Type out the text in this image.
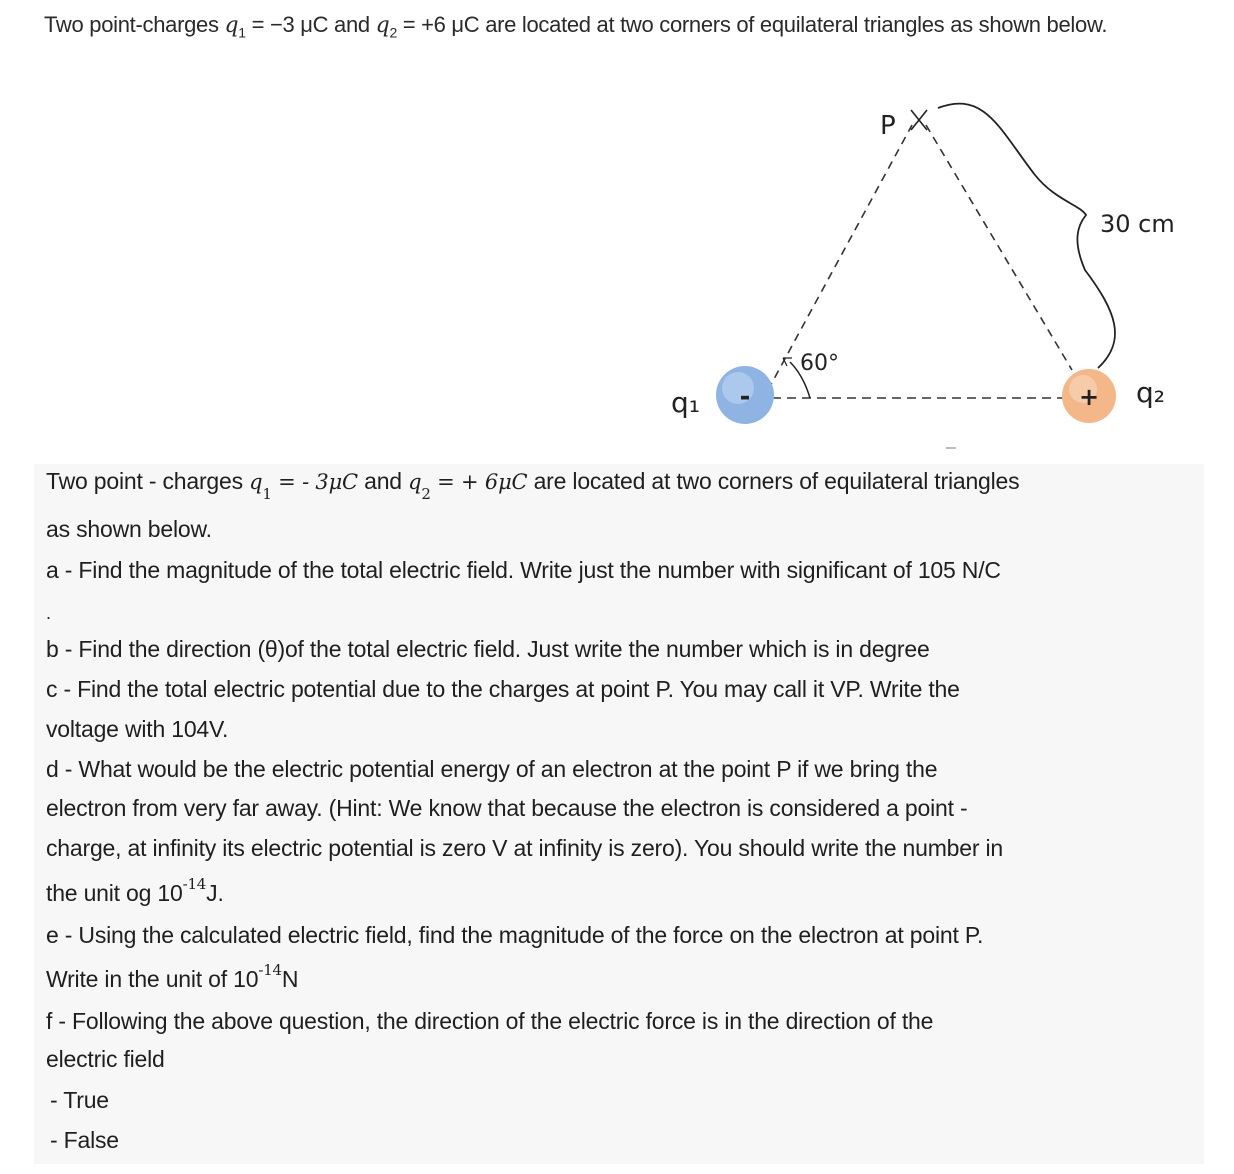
Two point-charges $q_1 = -3$ μC and $q_2 = +6$ μC are located at two corners of equilateral triangles as shown below.
P
30 cm
60°
-
q₁	+ q₂
Two point - charges $q_1$ = - 3μC and $q_2$ = + 6μC are located at two corners of equilateral triangles
as shown below.
a - Find the magnitude of the total electric field. Write just the number with significant of 105 N/C
.
b - Find the direction (θ)of the total electric field. Just write the number which is in degree
c - Find the total electric potential due to the charges at point P. You may call it VP. Write the
voltage with 104V.
d - What would be the electric potential energy of an electron at the point P if we bring the
electron from very far away. (Hint: We know that because the electron is considered a point -
charge, at infinity its electric potential is zero V at infinity is zero). You should write the number in
the unit og $10^{-14}J$.
e - Using the calculated electric field, find the magnitude of the force on the electron at point P.
Write in the unit of $10^{-14}N$
f - Following the above question, the direction of the electric force is in the direction of the
electric field
- True
- False
